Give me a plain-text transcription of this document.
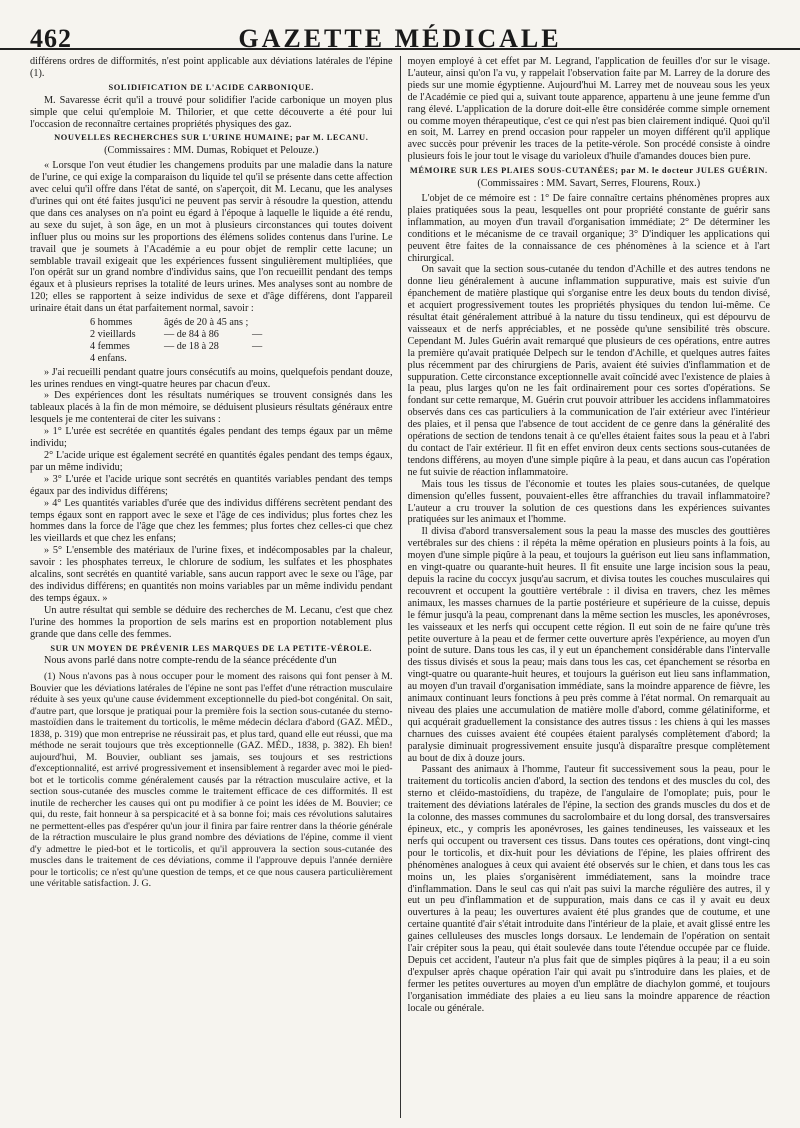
462	GAZETTE MÉDICALE

différens ordres de difformités, n'est point applicable aux déviations latérales de l'épine (1).

SOLIDIFICATION DE L'ACIDE CARBONIQUE.

M. Savaresse écrit qu'il a trouvé pour solidifier l'acide carbonique un moyen plus simple que celui qu'emploie M. Thilorier, et que cette découverte a été pour lui l'occasion de reconnaître certaines propriétés physiques des gaz.

NOUVELLES RECHERCHES SUR L'URINE HUMAINE; par M. LECANU.

(Commissaires : MM. Dumas, Robiquet et Pelouze.)

« Lorsque l'on veut étudier les changemens produits par une maladie dans la nature de l'urine, ce qui exige la comparaison du liquide tel qu'il se présente dans cette affection avec celui qu'il offre dans l'état de santé, on s'aperçoit, dit M. Lecanu, que les analyses d'urines qui ont été faites jusqu'ici ne peuvent pas servir à résoudre la question, attendu que dans ces analyses on n'a point eu égard à l'époque à laquelle le liquide a été rendu, au sexe du sujet, à son âge, en un mot à plusieurs circonstances qui toutes doivent influer plus ou moins sur les proportions des élémens solides contenus dans l'urine. Le travail que je soumets à l'Académie a eu pour objet de remplir cette lacune; un semblable travail exigeait que les expériences fussent singulièrement multipliées, que l'on opérât sur un grand nombre d'individus sains, que l'on recueillit pendant des temps égaux et à plusieurs reprises la totalité de leurs urines. Mes analyses sont au nombre de 120; elles se rapportent à seize individus de sexe et d'âge différens, dont l'appareil urinaire était dans un état parfaitement normal, savoir :

6 hommes	âgés de 20 à 45 ans ;
2 vieillards	— de 84 à 86	—
4 femmes	— de 18 à 28	—
4 enfans.

» J'ai recueilli pendant quatre jours consécutifs au moins, quelquefois pendant douze, les urines rendues en vingt-quatre heures par chacun d'eux.

» Des expériences dont les résultats numériques se trouvent consignés dans les tableaux placés à la fin de mon mémoire, se déduisent plusieurs résultats généraux entre lesquels je me contenterai de citer les suivans :

» 1° L'urée est secrétée en quantités égales pendant des temps égaux par un même individu;

2° L'acide urique est également secrété en quantités égales pendant des temps égaux, par un même individu;

» 3° L'urée et l'acide urique sont secrétés en quantités variables pendant des temps égaux par des individus différens;

» 4° Les quantités variables d'urée que des individus différens secrètent pendant des temps égaux sont en rapport avec le sexe et l'âge de ces individus; plus fortes chez les hommes dans la force de l'âge que chez les femmes; plus fortes chez celles-ci que chez les vieillards et que chez les enfans;

» 5° L'ensemble des matériaux de l'urine fixes, et indécomposables par la chaleur, savoir : les phosphates terreux, le chlorure de sodium, les sulfates et les phosphates alcalins, sont secrétés en quantité variable, sans aucun rapport avec le sexe ou l'âge, par des individus différens; en quantités non moins variables par un même individu pendant des temps égaux. »

Un autre résultat qui semble se déduire des recherches de M. Lecanu, c'est que chez l'urine des hommes la proportion de sels marins est en proportion notablement plus grande que dans celle des femmes.

SUR UN MOYEN DE PRÉVENIR LES MARQUES DE LA PETITE-VÉROLE.

Nous avons parlé dans notre compte-rendu de la séance précédente d'un

(1) Nous n'avons pas à nous occuper pour le moment des raisons qui font penser à M. Bouvier que les déviations latérales de l'épine ne sont pas l'effet d'une rétraction musculaire réduite à ses yeux qu'une cause évidemment exceptionnelle du pied-bot congénital. On sait, d'autre part, que lorsque je pratiquai pour la première fois la section sous-cutanée du sterno-mastoïdien dans le traitement du torticolis, le même médecin déclara d'abord (GAZ. MÉD., 1838, p. 319) que mon entreprise ne réussirait pas, et plus tard, quand elle eut réussi, que ma méthode ne serait toujours que très exceptionnelle (GAZ. MÉD., 1838, p. 382). Eh bien! aujourd'hui, M. Bouvier, oubliant ses jamais, ses toujours et ses restrictions d'exceptionnalité, est arrivé progressivement et insensiblement à regarder avec moi le pied-bot et le torticolis comme généralement causés par la rétraction musculaire active, et la section sous-cutanée des muscles comme le traitement efficace de ces difformités. Il est inutile de rechercher les causes qui ont pu modifier à ce point les idées de M. Bouvier; ce qui, du reste, fait honneur à sa perspicacité et à sa bonne foi; mais ces révolutions salutaires ne permettent-elles pas d'espérer qu'un jour il finira par faire rentrer dans la théorie générale de la rétraction musculaire le plus grand nombre des déviations de l'épine, comme il vient d'y admettre le pied-bot et le torticolis, et qu'il approuvera la section sous-cutanée des muscles dans le traitement de ces déviations, comme il l'approuve depuis l'année dernière pour le torticolis; ce n'est qu'une question de temps, et ce que nous causera particulièrement une véritable satisfaction. J. G.

moyen employé à cet effet par M. Legrand, l'application de feuilles d'or sur le visage. L'auteur, ainsi qu'on l'a vu, y rappelait l'observation faite par M. Larrey de la dorure des pieds sur une momie égyptienne. Aujourd'hui M. Larrey met de nouveau sous les yeux de l'Académie ce pied qui a, suivant toute apparence, appartenu à une jeune femme d'un rang élevé. L'application de la dorure doit-elle être considérée comme simple ornement ou comme moyen thérapeutique, c'est ce qui n'est pas bien clairement indiqué. Quoi qu'il en soit, M. Larrey en prend occasion pour rappeler un moyen différent qu'il applique avec succès pour prévenir les traces de la petite-vérole. Son procédé consiste à oindre plusieurs fois le jour tout le visage du varioleux d'huile d'amandes douces bien pure.

MÉMOIRE SUR LES PLAIES SOUS-CUTANÉES; par M. le docteur JULES GUÉRIN.

(Commissaires : MM. Savart, Serres, Flourens, Roux.)

L'objet de ce mémoire est : 1° De faire connaître certains phénomènes propres aux plaies pratiquées sous la peau, lesquelles ont pour propriété constante de guérir sans inflammation, au moyen d'un travail d'organisation immédiate; 2° De déterminer les conditions et le mécanisme de ce travail organique; 3° D'indiquer les applications qui peuvent être faites de la connaissance de ces phénomènes à la science et à l'art chirurgical.

On savait que la section sous-cutanée du tendon d'Achille et des autres tendons ne donne lieu généralement à aucune inflammation suppurative, mais est suivie d'un épanchement de matière plastique qui s'organise entre les deux bouts du tendon divisé, et acquiert progressivement toutes les propriétés physiques du tendon lui-même. Ce résultat était généralement attribué à la nature du tissu tendineux, qui est dépourvu de vaisseaux et de nerfs appréciables, et ne possède qu'une sensibilité très obscure. Cependant M. Jules Guérin avait remarqué que plusieurs de ces opérations, entre autres la première qu'avait pratiquée Delpech sur le tendon d'Achille, et quelques autres faites plus récemment par des chirurgiens de Paris, avaient été suivies d'inflammation et de suppuration. Cette circonstance exceptionnelle avait coïncidé avec l'existence de plaies à la peau, plus larges qu'on ne les fait ordinairement pour ces sortes d'opérations. Se fondant sur cette remarque, M. Guérin crut pouvoir attribuer les accidens inflammatoires observés dans ces cas particuliers à la communication de l'air extérieur avec l'intérieur des plaies, et il pensa que l'absence de tout accident de ce genre dans la généralité des opérations de section de tendons tenait à ce qu'elles étaient faites sous la peau et à l'abri du contact de l'air extérieur. Il fit en effet environ deux cents sections sous-cutanées de tendons différens, au moyen d'une simple piqûre à la peau, et dans aucun cas l'opération ne fut suivie de réaction inflammatoire.

Mais tous les tissus de l'économie et toutes les plaies sous-cutanées, de quelque dimension qu'elles fussent, pouvaient-elles être affranchies du travail inflammatoire? L'auteur a cru trouver la solution de ces questions dans les expériences suivantes pratiquées sur les animaux et l'homme.

Il divisa d'abord transversalement sous la peau la masse des muscles des gouttières vertébrales sur des chiens : il répéta la même opération en plusieurs points à la fois, au moyen d'une simple piqûre à la peau, et toujours la guérison eut lieu sans inflammation, en vingt-quatre ou quarante-huit heures. Il fit ensuite une large incision sous la peau, depuis la racine du coccyx jusqu'au sacrum, et divisa toutes les couches musculaires qui recouvrent et occupent la gouttière vertébrale : il divisa en travers, chez les mêmes animaux, les masses charnues de la partie postérieure et supérieure de la cuisse, depuis le fémur jusqu'à la peau, comprenant dans la même section les muscles, les aponévroses, les vaisseaux et les nerfs qui occupent cette région. Il eut soin de ne faire qu'une très petite ouverture à la peau et de fermer cette ouverture après l'expérience, au moyen d'un point de suture. Dans tous les cas, il y eut un épanchement considérable dans l'intervalle des tissus divisés et sous la peau; mais dans tous les cas, cet épanchement se résorba en vingt-quatre ou quarante-huit heures, et toujours la guérison eut lieu sans inflammation, au moyen d'un travail d'organisation immédiate, sans la moindre apparence de fièvre, les animaux continuant leurs fonctions à peu près comme à l'état normal. On remarquait au niveau des plaies une accumulation de matière molle d'abord, comme gélatiniforme, et qui acquérait graduellement la consistance des autres tissus : les chiens à qui les masses charnues des cuisses avaient été coupées étaient paralysés complètement d'abord; la paralysie diminuait progressivement ensuite jusqu'à disparaître presque complètement au bout de dix à douze jours.

Passant des animaux à l'homme, l'auteur fit successivement sous la peau, pour le traitement du torticolis ancien d'abord, la section des tendons et des muscles du col, des sterno et cléido-mastoïdiens, du trapèze, de l'angulaire de l'omoplate; puis, pour le traitement des déviations latérales de l'épine, la section des grands muscles du dos et de la colonne, des masses communes du sacrolombaire et du long dorsal, des transversaires épineux, etc., y compris les aponévroses, les gaines tendineuses, les vaisseaux et les nerfs qui occupent ou traversent ces tissus. Dans toutes ces opérations, dont vingt-cinq pour le torticolis, et dix-huit pour les déviations de l'épine, les plaies offrirent des phénomènes analogues à ceux qui avaient été observés sur le chien, et dans tous les cas moins un, les plaies s'organisèrent immédiatement, sans la moindre trace d'inflammation. Dans le seul cas qui n'ait pas suivi la marche régulière des autres, il y eut un peu d'inflammation et de suppuration, mais dans ce cas il y avait eu deux ouvertures à la peau; les ouvertures avaient été plus grandes que de coutume, et une certaine quantité d'air s'était introduite dans l'intérieur de la plaie, et avait glissé entre les gaines celluleuses des muscles longs dorsaux. Le lendemain de l'opération on sentait l'air crépiter sous la peau, qui était soulevée dans toute l'étendue occupée par ce fluide. Depuis cet accident, l'auteur n'a plus fait que de simples piqûres à la peau; il a eu soin d'expulser après chaque opération l'air qui avait pu s'introduire dans les plaies, et de fermer les petites ouvertures au moyen d'un emplâtre de diachylon gommé, et toujours l'organisation immédiate des plaies a eu lieu sans la moindre apparence de réaction locale ou générale.
